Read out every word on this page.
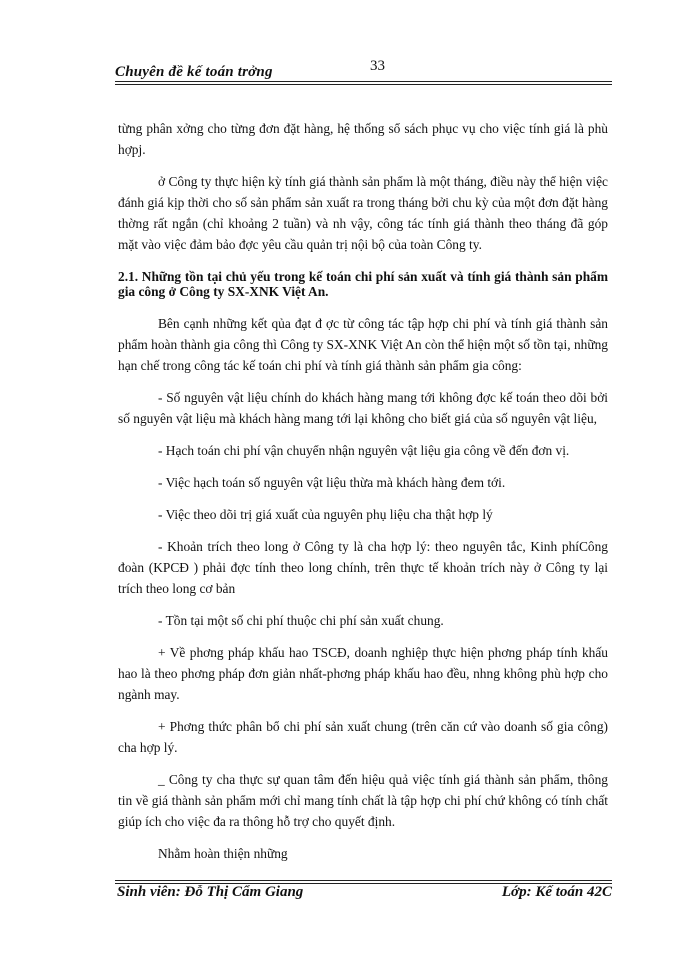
Chuyên đề kế toán trởng	33

từng phân xởng cho từng đơn đặt hàng, hệ thống sổ sách phục vụ cho việc tính giá là phù hợpj.

ở Công ty thực hiện kỳ tính giá thành sản phẩm là một tháng, điều này thể hiện việc đánh giá kịp thời cho số sản phẩm sản xuất ra trong tháng bởi chu kỳ của một đơn đặt hàng thờng rất ngắn (chỉ khoảng 2 tuần) và nh vậy, công tác tính giá thành theo tháng đã góp mặt vào việc đảm bảo đợc yêu cầu quản trị nội bộ của toàn Công ty.

2.1. Những tồn tại chủ yếu trong kế toán chi phí sản xuất và tính giá thành sản phẩm gia công ở Công ty SX-XNK Việt An.

Bên cạnh những kết qủa đạt đ ợc từ công tác tập hợp chi phí và tính giá thành sản phẩm hoàn thành gia công thì Công ty SX-XNK Việt An còn thể hiện một số tồn tại, những hạn chế trong công tác kế toán chi phí và tính giá thành sản phẩm gia công:

- Số nguyên vật liệu chính do khách hàng mang tới không đợc kế toán theo dõi bởi số nguyên vật liệu mà khách hàng mang tới lại không cho biết giá của số nguyên vật liệu,

- Hạch toán chi phí vận chuyển nhận nguyên vật liệu gia công về đến đơn vị.

- Việc hạch toán số nguyên vật liệu thừa mà khách hàng đem tới.

- Việc theo dõi trị giá xuất của nguyên phụ liệu cha thật hợp lý

- Khoản trích theo long ở Công ty là cha hợp lý: theo nguyên tắc, Kinh phíCông đoàn (KPCĐ ) phải đợc tính theo long chính, trên thực tế khoản trích này ở Công ty lại trích theo long cơ bản

- Tồn tại một số chi phí thuộc chi phí sản xuất chung.

+ Về phơng pháp khấu hao TSCĐ, doanh nghiệp thực hiện phơng pháp tính khấu hao là theo phơng pháp đơn giản nhất-phơng pháp khấu hao đều, nhng không phù hợp cho ngành may.

+ Phơng thức phân bổ chi phí sản xuất chung (trên căn cứ vào doanh số gia công) cha hợp lý.

_ Công ty cha thực sự quan tâm đến hiệu quả việc tính giá thành sản phẩm, thông tin về giá thành sản phẩm mới chỉ mang tính chất là tập hợp chi phí chứ không có tính chất giúp ích cho việc đa ra thông hỗ trợ cho quyết định.

Nhằm hoàn thiện những

Sinh viên: Đỗ Thị Cẩm Giang	Lớp: Kế toán 42C
